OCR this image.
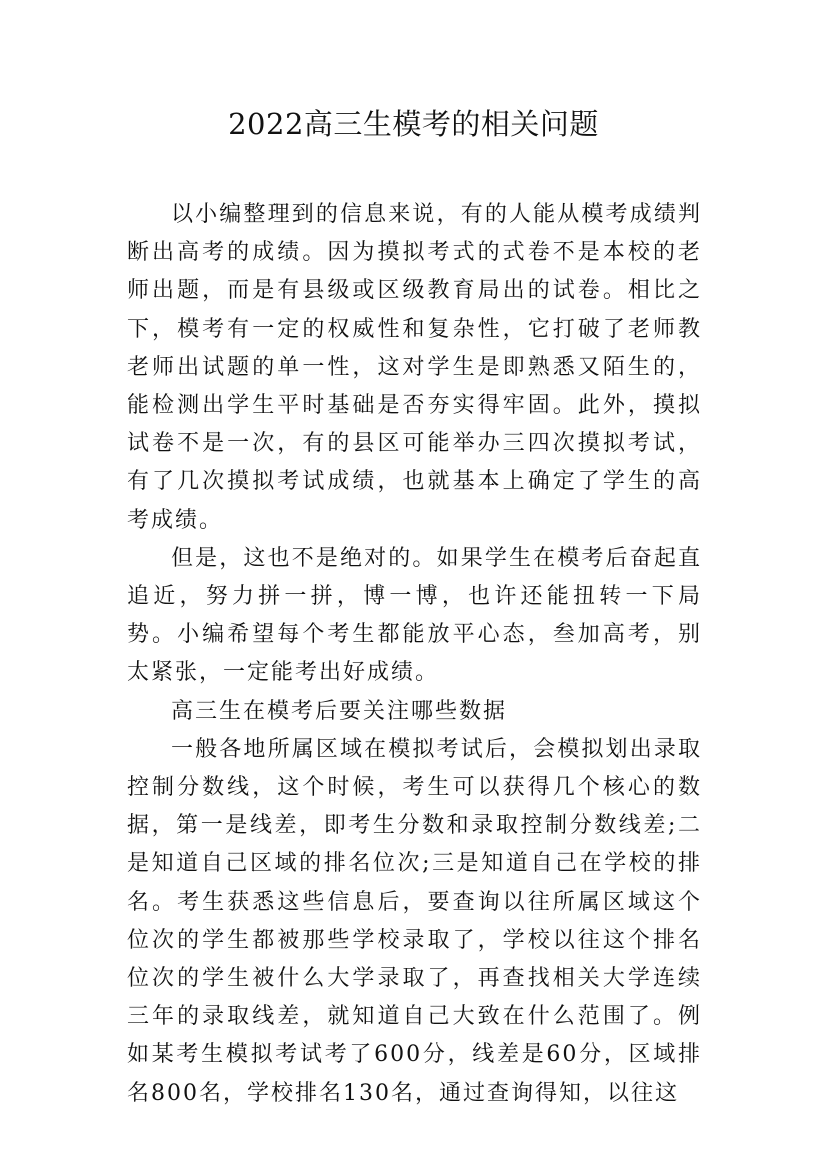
2022高三生模考的相关问题

以小编整理到的信息来说，有的人能从模考成绩判断出高考的成绩。因为摸拟考式的式卷不是本校的老师出题，而是有县级或区级教育局出的试卷。相比之下，模考有一定的权威性和复杂性，它打破了老师教老师出试题的单一性，这对学生是即熟悉又陌生的，能检测出学生平时基础是否夯实得牢固。此外，摸拟试卷不是一次，有的县区可能举办三四次摸拟考试，有了几次摸拟考试成绩，也就基本上确定了学生的高考成绩。

但是，这也不是绝对的。如果学生在模考后奋起直追近，努力拼一拼，博一博，也许还能扭转一下局势。小编希望每个考生都能放平心态，叁加高考，别太紧张，一定能考出好成绩。

高三生在模考后要关注哪些数据

一般各地所属区域在模拟考试后，会模拟划出录取控制分数线，这个时候，考生可以获得几个核心的数据，第一是线差，即考生分数和录取控制分数线差;二是知道自己区域的排名位次;三是知道自己在学校的排名。考生获悉这些信息后，要查询以往所属区域这个位次的学生都被那些学校录取了，学校以往这个排名位次的学生被什么大学录取了，再查找相关大学连续三年的录取线差，就知道自己大致在什么范围了。例如某考生模拟考试考了600分，线差是60分，区域排名800名，学校排名130名，通过查询得知，以往这
